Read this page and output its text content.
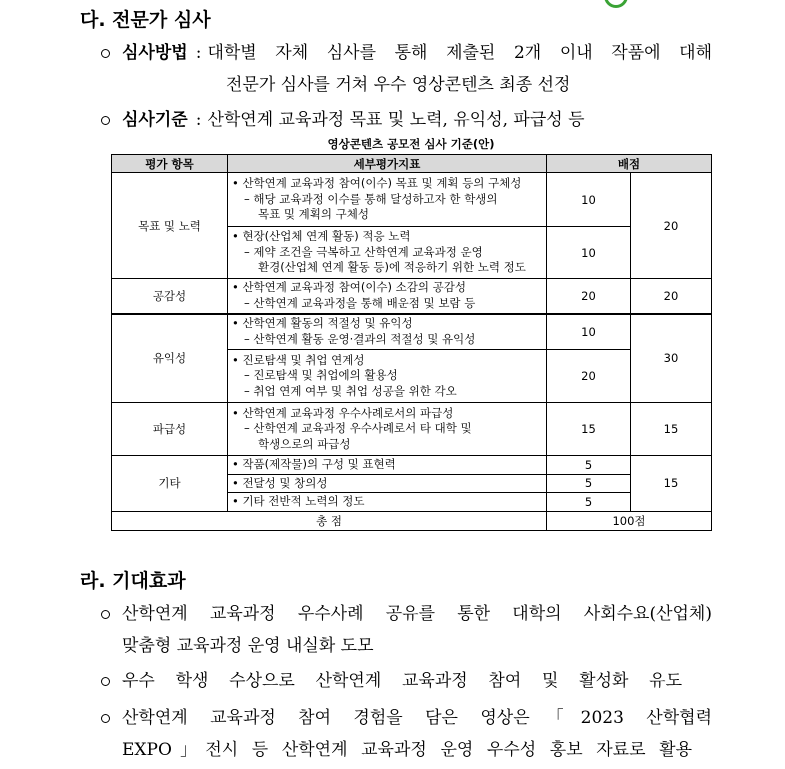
다. 전문가 심사
심사방법 : 대학별 자체 심사를 통해 제출된 2개 이내 작품에 대해
전문가 심사를 거쳐 우수 영상콘텐츠 최종 선정
심사기준 : 산학연계 교육과정 목표 및 노력, 유익성, 파급성 등
영상콘텐츠 공모전 심사 기준(안)
평가 항목	세부평가지표	배점	
목표 및 노력	• 산학연계 교육과정 참여(이수) 목표 및 계획 등의 구체성
– 해당 교육과정 이수를 통해 달성하고자 한 학생의
목표 및 계획의 구체성	10	20

	• 현장(산업체 연계 활동) 적응 노력
– 제약 조건을 극복하고 산학연계 교육과정 운영
환경(산업체 연계 활동 등)에 적응하기 위한 노력 정도	10	
공감성	• 산학연계 교육과정 참여(이수) 소감의 공감성
– 산학연계 교육과정을 통해 배운점 및 보람 등	20	20
유익성	• 산학연계 활동의 적절성 및 유익성
– 산학연계 활동 운영·결과의 적절성 및 유익성	10	30

	• 진로탐색 및 취업 연계성
– 진로탐색 및 취업에의 활용성
– 취업 연계 여부 및 취업 성공을 위한 각오	20	
파급성	• 산학연계 교육과정 우수사례로서의 파급성
– 산학연계 교육과정 우수사례로서 타 대학 및
학생으로의 파급성	15	15
기타	• 작품(제작물)의 구성 및 표현력	5	15

	• 전달성 및 창의성	5	

	• 기타 전반적 노력의 정도	5	
총 점		100점	
라. 기대효과
산학연계 교육과정 우수사례 공유를 통한 대학의 사회수요(산업체)
맞춤형 교육과정 운영 내실화 도모
우수 학생 수상으로 산학연계 교육과정 참여 및 활성화 유도
산학연계 교육과정 참여 경험을 담은 영상은「2023 산학협력
EXPO」전시 등 산학연계 교육과정 운영 우수성 홍보 자료로 활용
